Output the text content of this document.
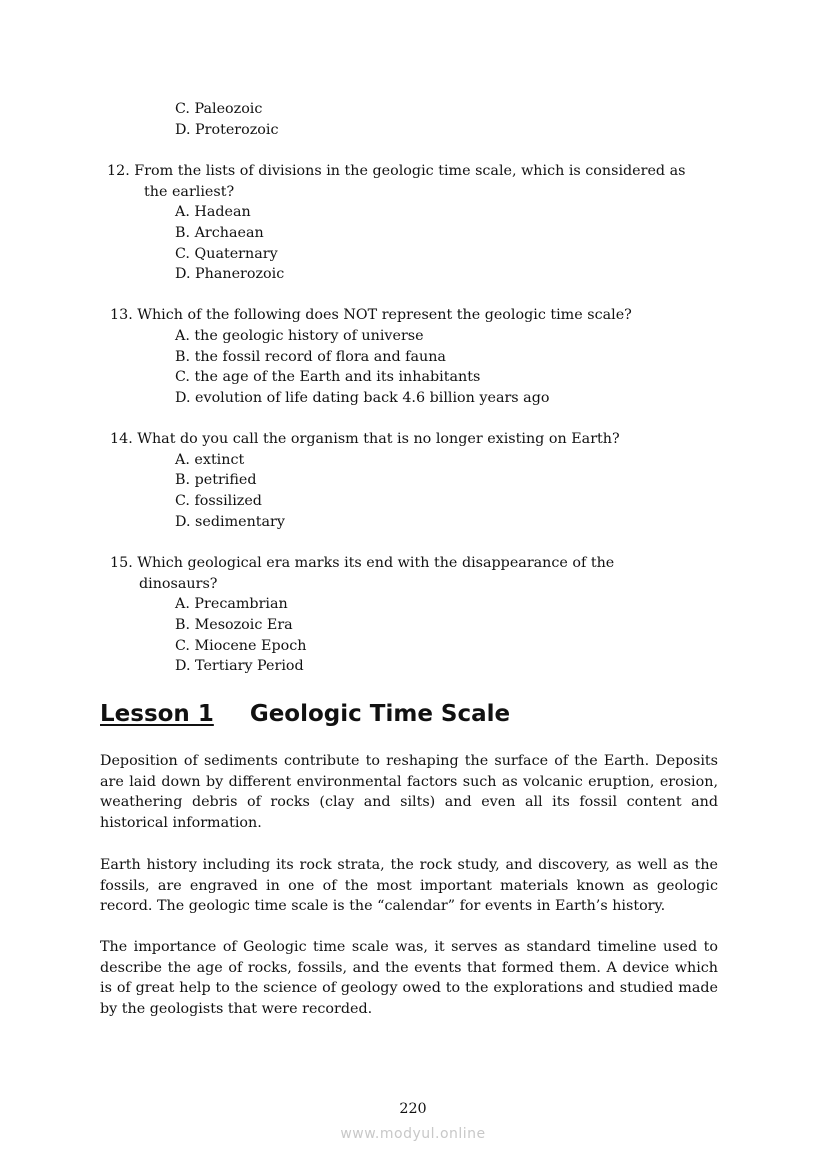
C. Paleozoic
D. Proterozoic
12. From the lists of divisions in the geologic time scale, which is considered as
the earliest?
A. Hadean
B. Archaean
C. Quaternary
D. Phanerozoic
13. Which of the following does NOT represent the geologic time scale?
A. the geologic history of universe
B. the fossil record of flora and fauna
C. the age of the Earth and its inhabitants
D. evolution of life dating back 4.6 billion years ago
14. What do you call the organism that is no longer existing on Earth?
A. extinct
B. petrified
C. fossilized
D. sedimentary
15. Which geological era marks its end with the disappearance of the
dinosaurs?
A. Precambrian
B. Mesozoic Era
C. Miocene Epoch
D. Tertiary Period
Lesson 1 Geologic Time Scale

Deposition of sediments contribute to reshaping the surface of the Earth. Deposits are laid down by different environmental factors such as volcanic eruption, erosion, weathering debris of rocks (clay and silts) and even all its fossil content and historical information.

Earth history including its rock strata, the rock study, and discovery, as well as the fossils, are engraved in one of the most important materials known as geologic record. The geologic time scale is the “calendar” for events in Earth’s history.

The importance of Geologic time scale was, it serves as standard timeline used to describe the age of rocks, fossils, and the events that formed them. A device which is of great help to the science of geology owed to the explorations and studied made by the geologists that were recorded.

220
www.modyul.online
